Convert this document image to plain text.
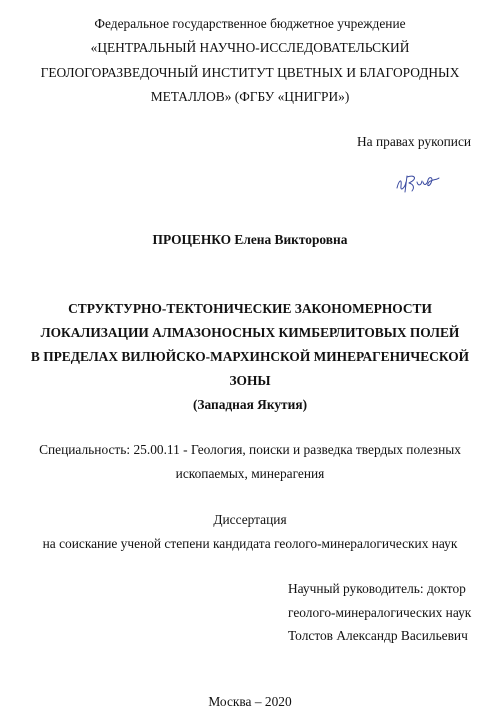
Федеральное государственное бюджетное учреждение
«ЦЕНТРАЛЬНЫЙ НАУЧНО-ИССЛЕДОВАТЕЛЬСКИЙ
ГЕОЛОГОРАЗВЕДОЧНЫЙ ИНСТИТУТ ЦВЕТНЫХ И БЛАГОРОДНЫХ
МЕТАЛЛОВ» (ФГБУ «ЦНИГРИ»)
На правах рукописи
ПРОЦЕНКО Елена Викторовна
СТРУКТУРНО-ТЕКТОНИЧЕСКИЕ ЗАКОНОМЕРНОСТИ
ЛОКАЛИЗАЦИИ АЛМАЗОНОСНЫХ КИМБЕРЛИТОВЫХ ПОЛЕЙ
В ПРЕДЕЛАХ ВИЛЮЙСКО-МАРХИНСКОЙ МИНЕРАГЕНИЧЕСКОЙ
ЗОНЫ
(Западная Якутия)
Специальность: 25.00.11 - Геология, поиски и разведка твердых полезных
ископаемых, минерагения
Диссертация
на соискание ученой степени кандидата геолого-минералогических наук
Научный руководитель: доктор
геолого-минералогических наук
Толстов Александр Васильевич
Москва – 2020
